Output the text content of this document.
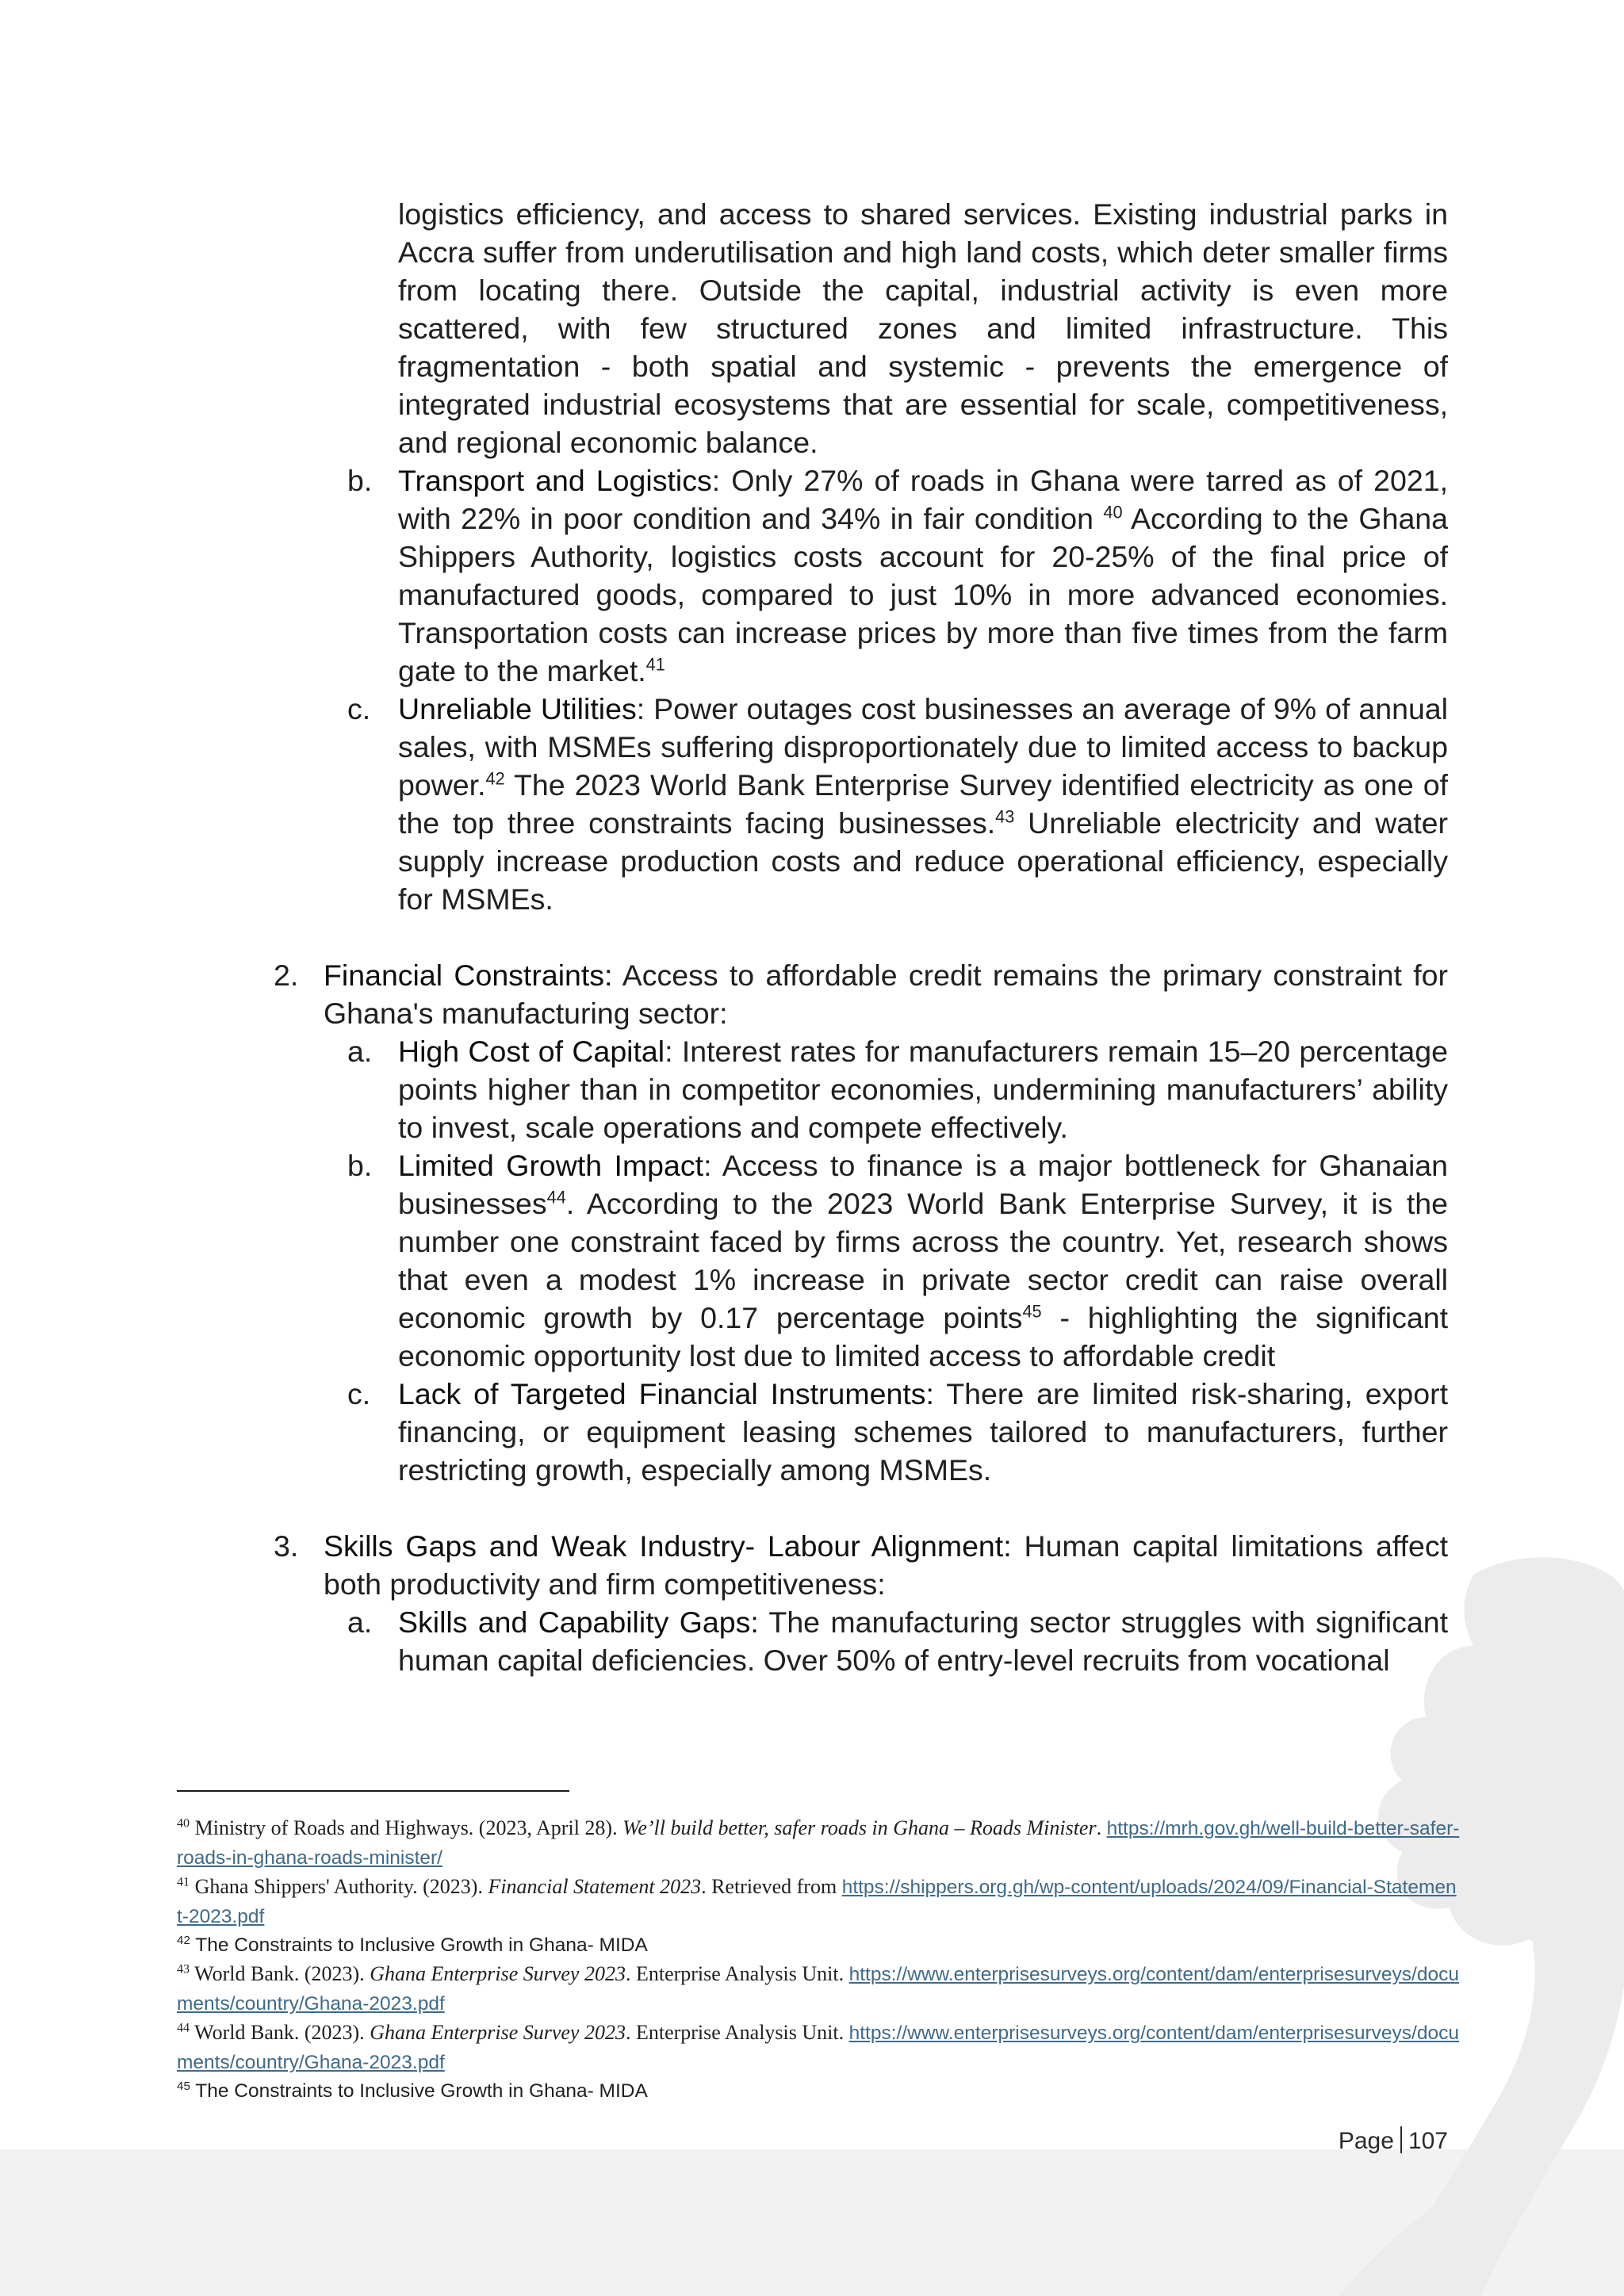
logistics efficiency, and access to shared services. Existing industrial parks in Accra suffer from underutilisation and high land costs, which deter smaller firms from locating there. Outside the capital, industrial activity is even more scattered, with few structured zones and limited infrastructure. This fragmentation - both spatial and systemic - prevents the emergence of integrated industrial ecosystems that are essential for scale, competitiveness, and regional economic balance.

b. Transport and Logistics: Only 27% of roads in Ghana were tarred as of 2021, with 22% in poor condition and 34% in fair condition $^{40}$ According to the Ghana Shippers Authority, logistics costs account for 20-25% of the final price of manufactured goods, compared to just 10% in more advanced economies. Transportation costs can increase prices by more than five times from the farm gate to the market.$^{41}$

c. Unreliable Utilities: Power outages cost businesses an average of 9% of annual sales, with MSMEs suffering disproportionately due to limited access to backup power.$^{42}$ The 2023 World Bank Enterprise Survey identified electricity as one of the top three constraints facing businesses.$^{43}$ Unreliable electricity and water supply increase production costs and reduce operational efficiency, especially for MSMEs.

2. Financial Constraints: Access to affordable credit remains the primary constraint for Ghana's manufacturing sector:

a. High Cost of Capital: Interest rates for manufacturers remain 15–20 percentage points higher than in competitor economies, undermining manufacturers’ ability to invest, scale operations and compete effectively.

b. Limited Growth Impact: Access to finance is a major bottleneck for Ghanaian businesses$^{44}$. According to the 2023 World Bank Enterprise Survey, it is the number one constraint faced by firms across the country. Yet, research shows that even a modest 1% increase in private sector credit can raise overall economic growth by 0.17 percentage points$^{45}$ - highlighting the significant economic opportunity lost due to limited access to affordable credit

c. Lack of Targeted Financial Instruments: There are limited risk-sharing, export financing, or equipment leasing schemes tailored to manufacturers, further restricting growth, especially among MSMEs.

3. Skills Gaps and Weak Industry- Labour Alignment: Human capital limitations affect both productivity and firm competitiveness:

a. Skills and Capability Gaps: The manufacturing sector struggles with significant human capital deficiencies. Over 50% of entry-level recruits from vocational

$^{40}$ Ministry of Roads and Highways. (2023, April 28). We’ll build better, safer roads in Ghana – Roads Minister. https://mrh.gov.gh/well-build-better-safer-roads-in-ghana-roads-minister/

$^{41}$ Ghana Shippers' Authority. (2023). Financial Statement 2023. Retrieved from https://shippers.org.gh/wp-content/uploads/2024/09/Financial-Statement-2023.pdf

$^{42}$ The Constraints to Inclusive Growth in Ghana- MIDA

$^{43}$ World Bank. (2023). Ghana Enterprise Survey 2023. Enterprise Analysis Unit. https://www.enterprisesurveys.org/content/dam/enterprisesurveys/documents/country/Ghana-2023.pdf

$^{44}$ World Bank. (2023). Ghana Enterprise Survey 2023. Enterprise Analysis Unit. https://www.enterprisesurveys.org/content/dam/enterprisesurveys/documents/country/Ghana-2023.pdf

$^{45}$ The Constraints to Inclusive Growth in Ghana- MIDA

Page 107
